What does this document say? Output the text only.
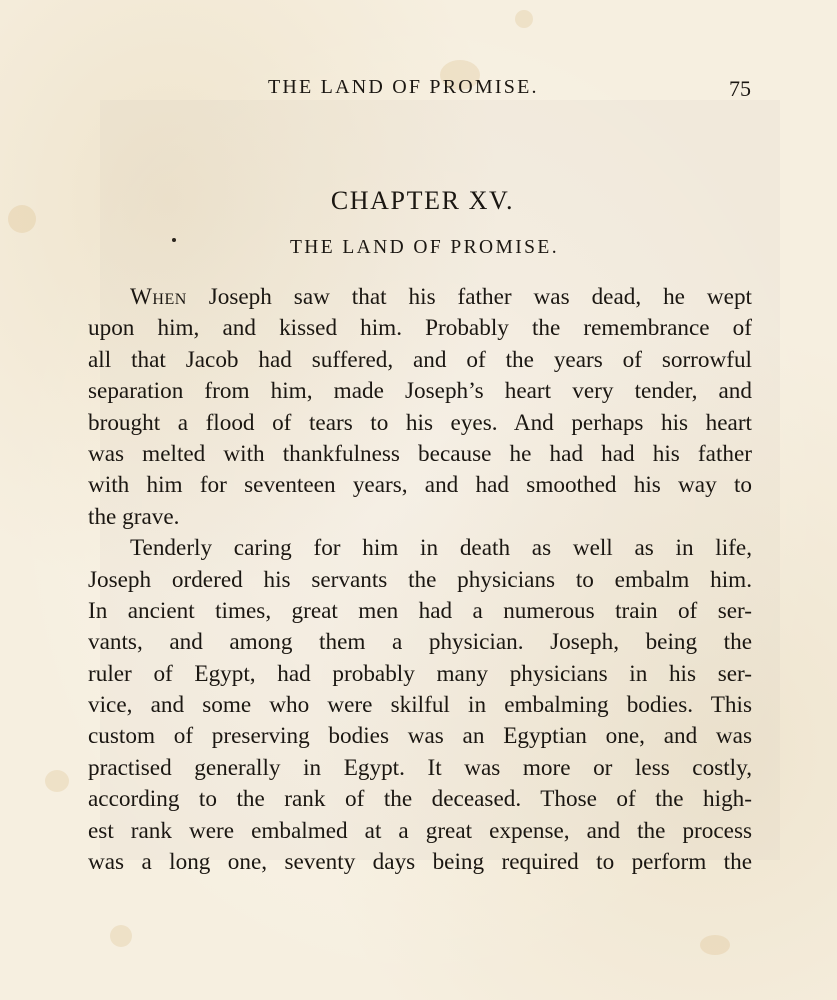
THE LAND OF PROMISE.	75
CHAPTER XV.
THE LAND OF PROMISE.
When Joseph saw that his father was dead, he wept
upon him, and kissed him. Probably the remembrance of
all that Jacob had suffered, and of the years of sorrowful
separation from him, made Joseph’s heart very tender, and
brought a flood of tears to his eyes. And perhaps his heart
was melted with thankfulness because he had had his father
with him for seventeen years, and had smoothed his way to
the grave.
Tenderly caring for him in death as well as in life,
Joseph ordered his servants the physicians to embalm him.
In ancient times, great men had a numerous train of ser-
vants, and among them a physician. Joseph, being the
ruler of Egypt, had probably many physicians in his ser-
vice, and some who were skilful in embalming bodies. This
custom of preserving bodies was an Egyptian one, and was
practised generally in Egypt. It was more or less costly,
according to the rank of the deceased. Those of the high-
est rank were embalmed at a great expense, and the process
was a long one, seventy days being required to perform the
